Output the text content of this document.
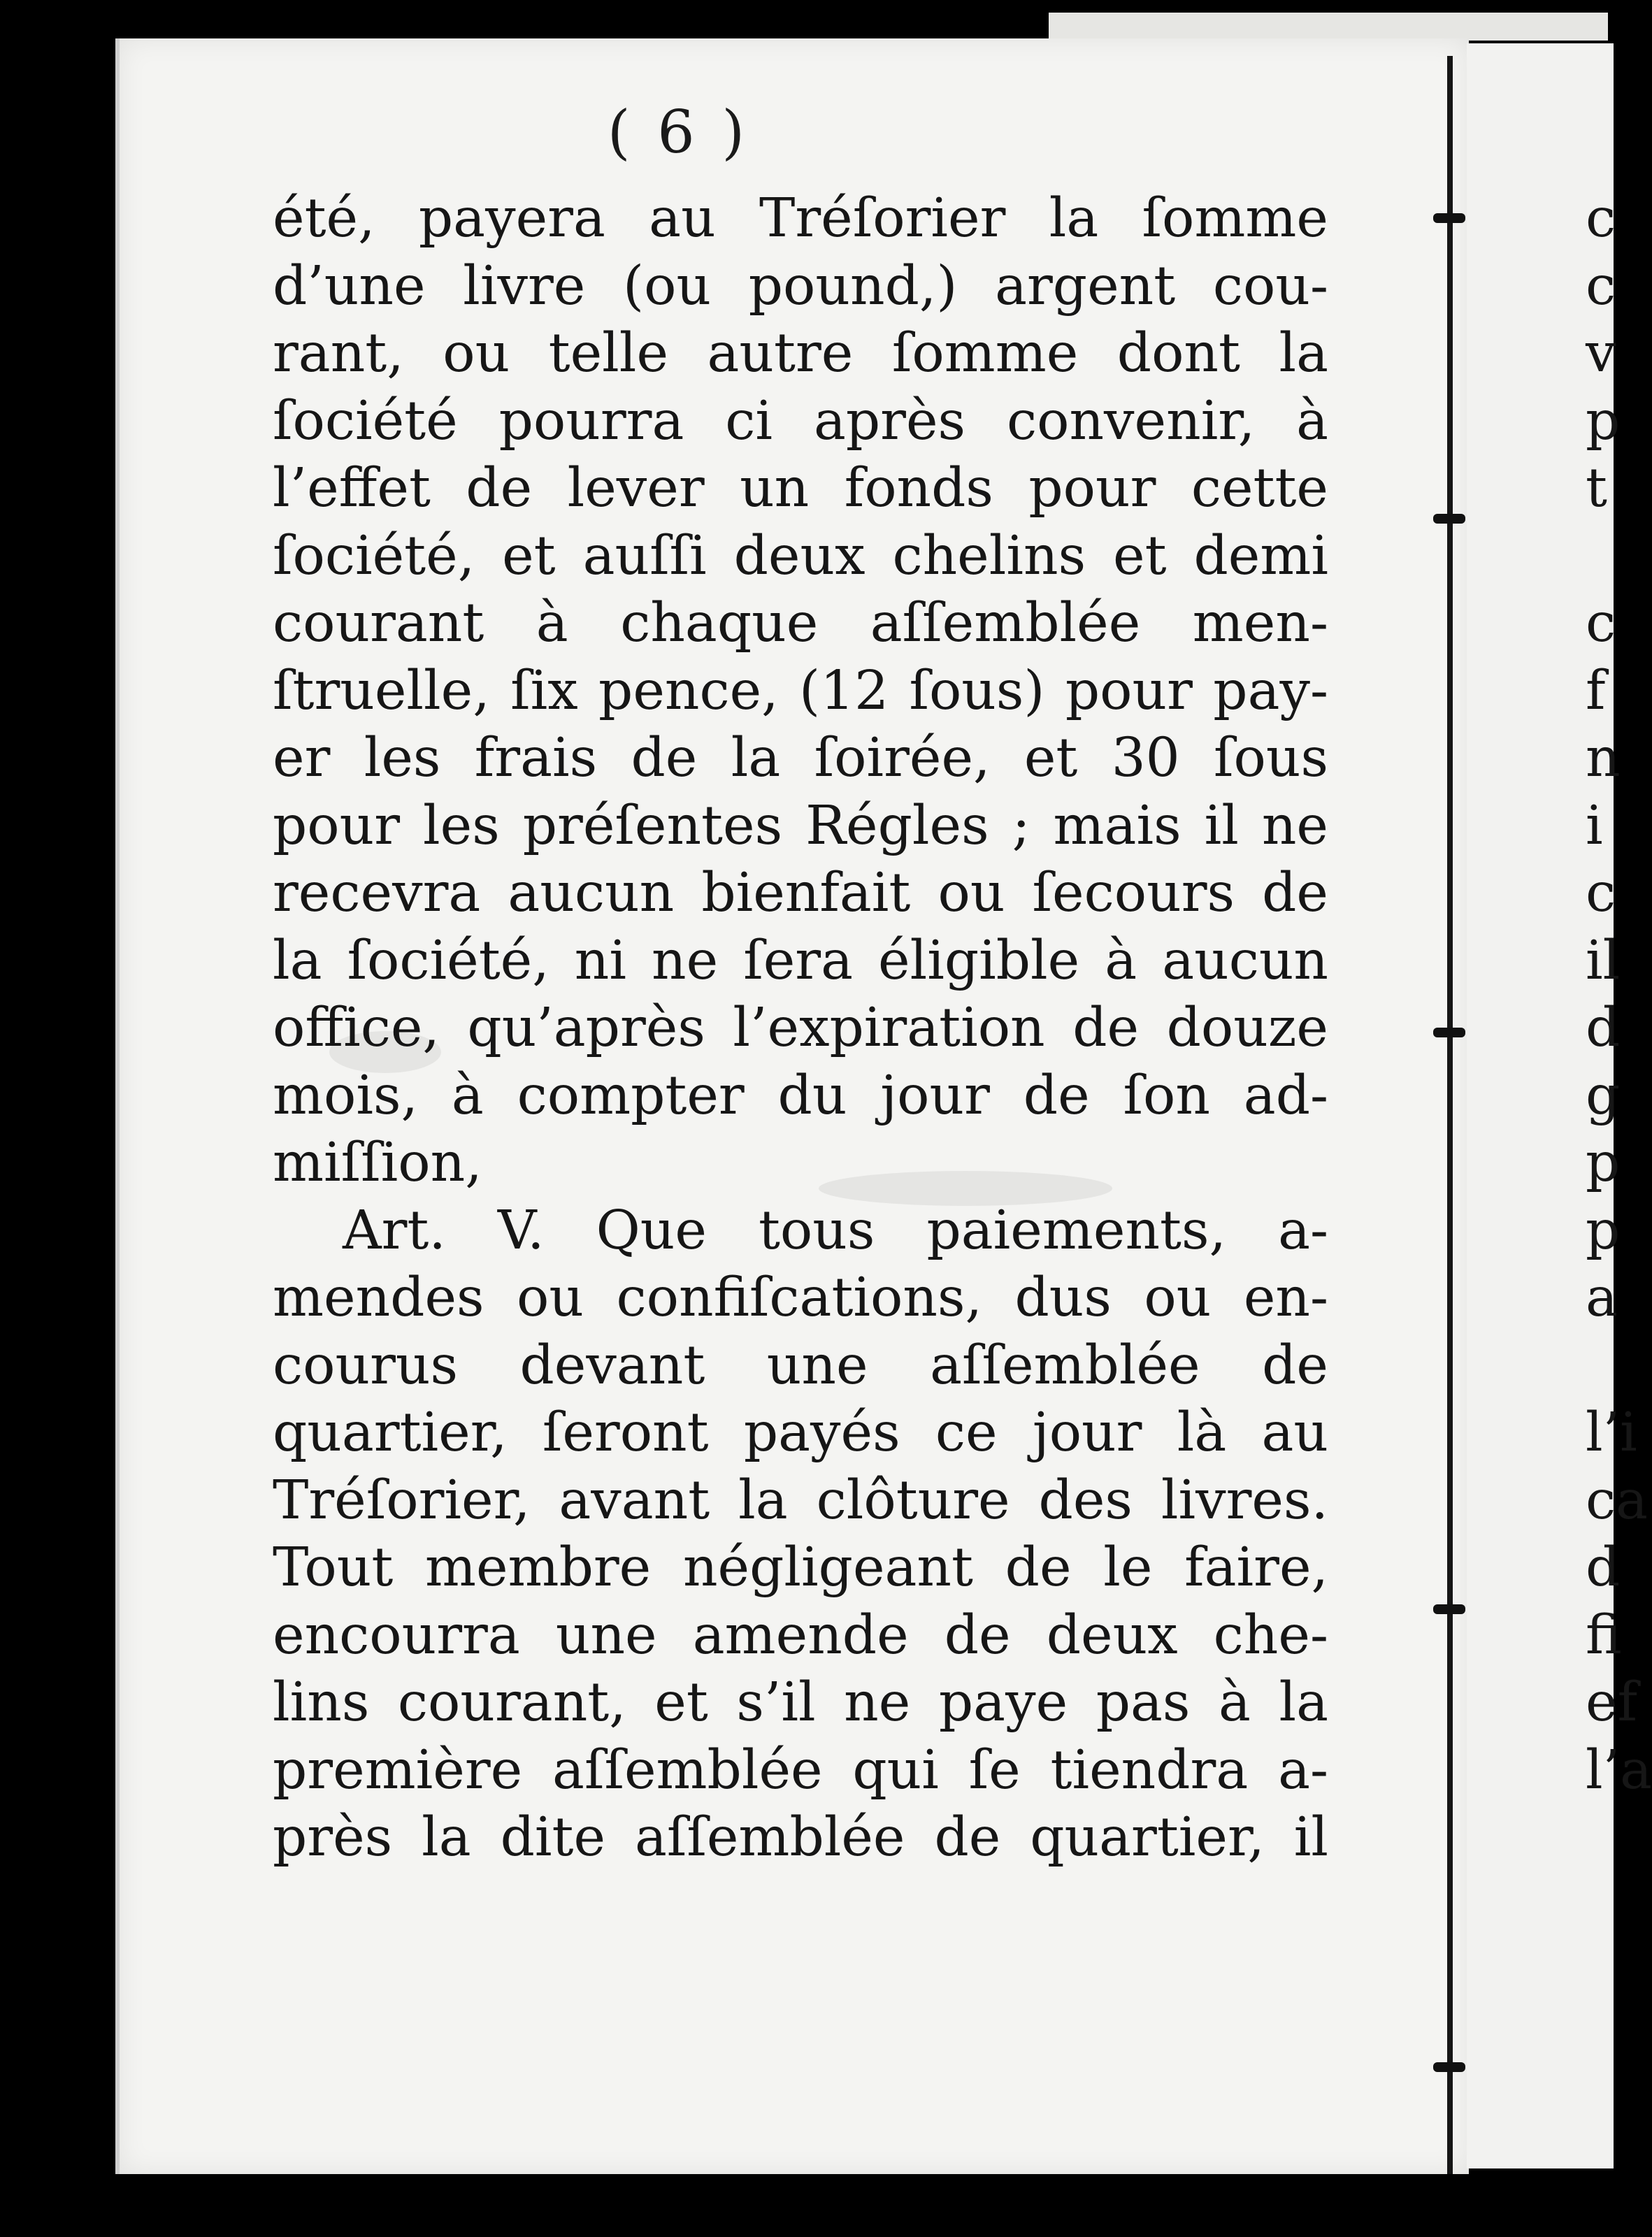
( 6 )
été, payera au Tréſorier la ſomme
d’une livre (ou pound,) argent cou-
rant, ou telle autre ſomme dont la
ſociété pourra ci après convenir, à
l’effet de lever un fonds pour cette
ſociété, et auſſi deux chelins et demi
courant à chaque aſſemblée men-
ſtruelle, ſix pence, (12 ſous) pour pay-
er les frais de la ſoirée, et 30 ſous
pour les préſentes Régles ; mais il ne
recevra aucun bienfait ou ſecours de
la ſociété, ni ne ſera éligible à aucun
office, qu’après l’expiration de douze
mois, à compter du jour de ſon ad-
miſſion,
Art. V. Que tous paiements, a-
mendes ou confiſcations, dus ou en-
courus devant une aſſemblée de
quartier, ſeront payés ce jour là au
Tréſorier, avant la clôture des livres.
Tout membre négligeant de le faire,
encourra une amende de deux che-
lins courant, et s’il ne paye pas à la
première aſſemblée qui ſe tiendra a-
près la dite aſſemblée de quartier, il
c
c
v
p
t
c
f
n
i
c
il
d
g
p
p
a
l’i
ca
d
fi
ef
l’a
